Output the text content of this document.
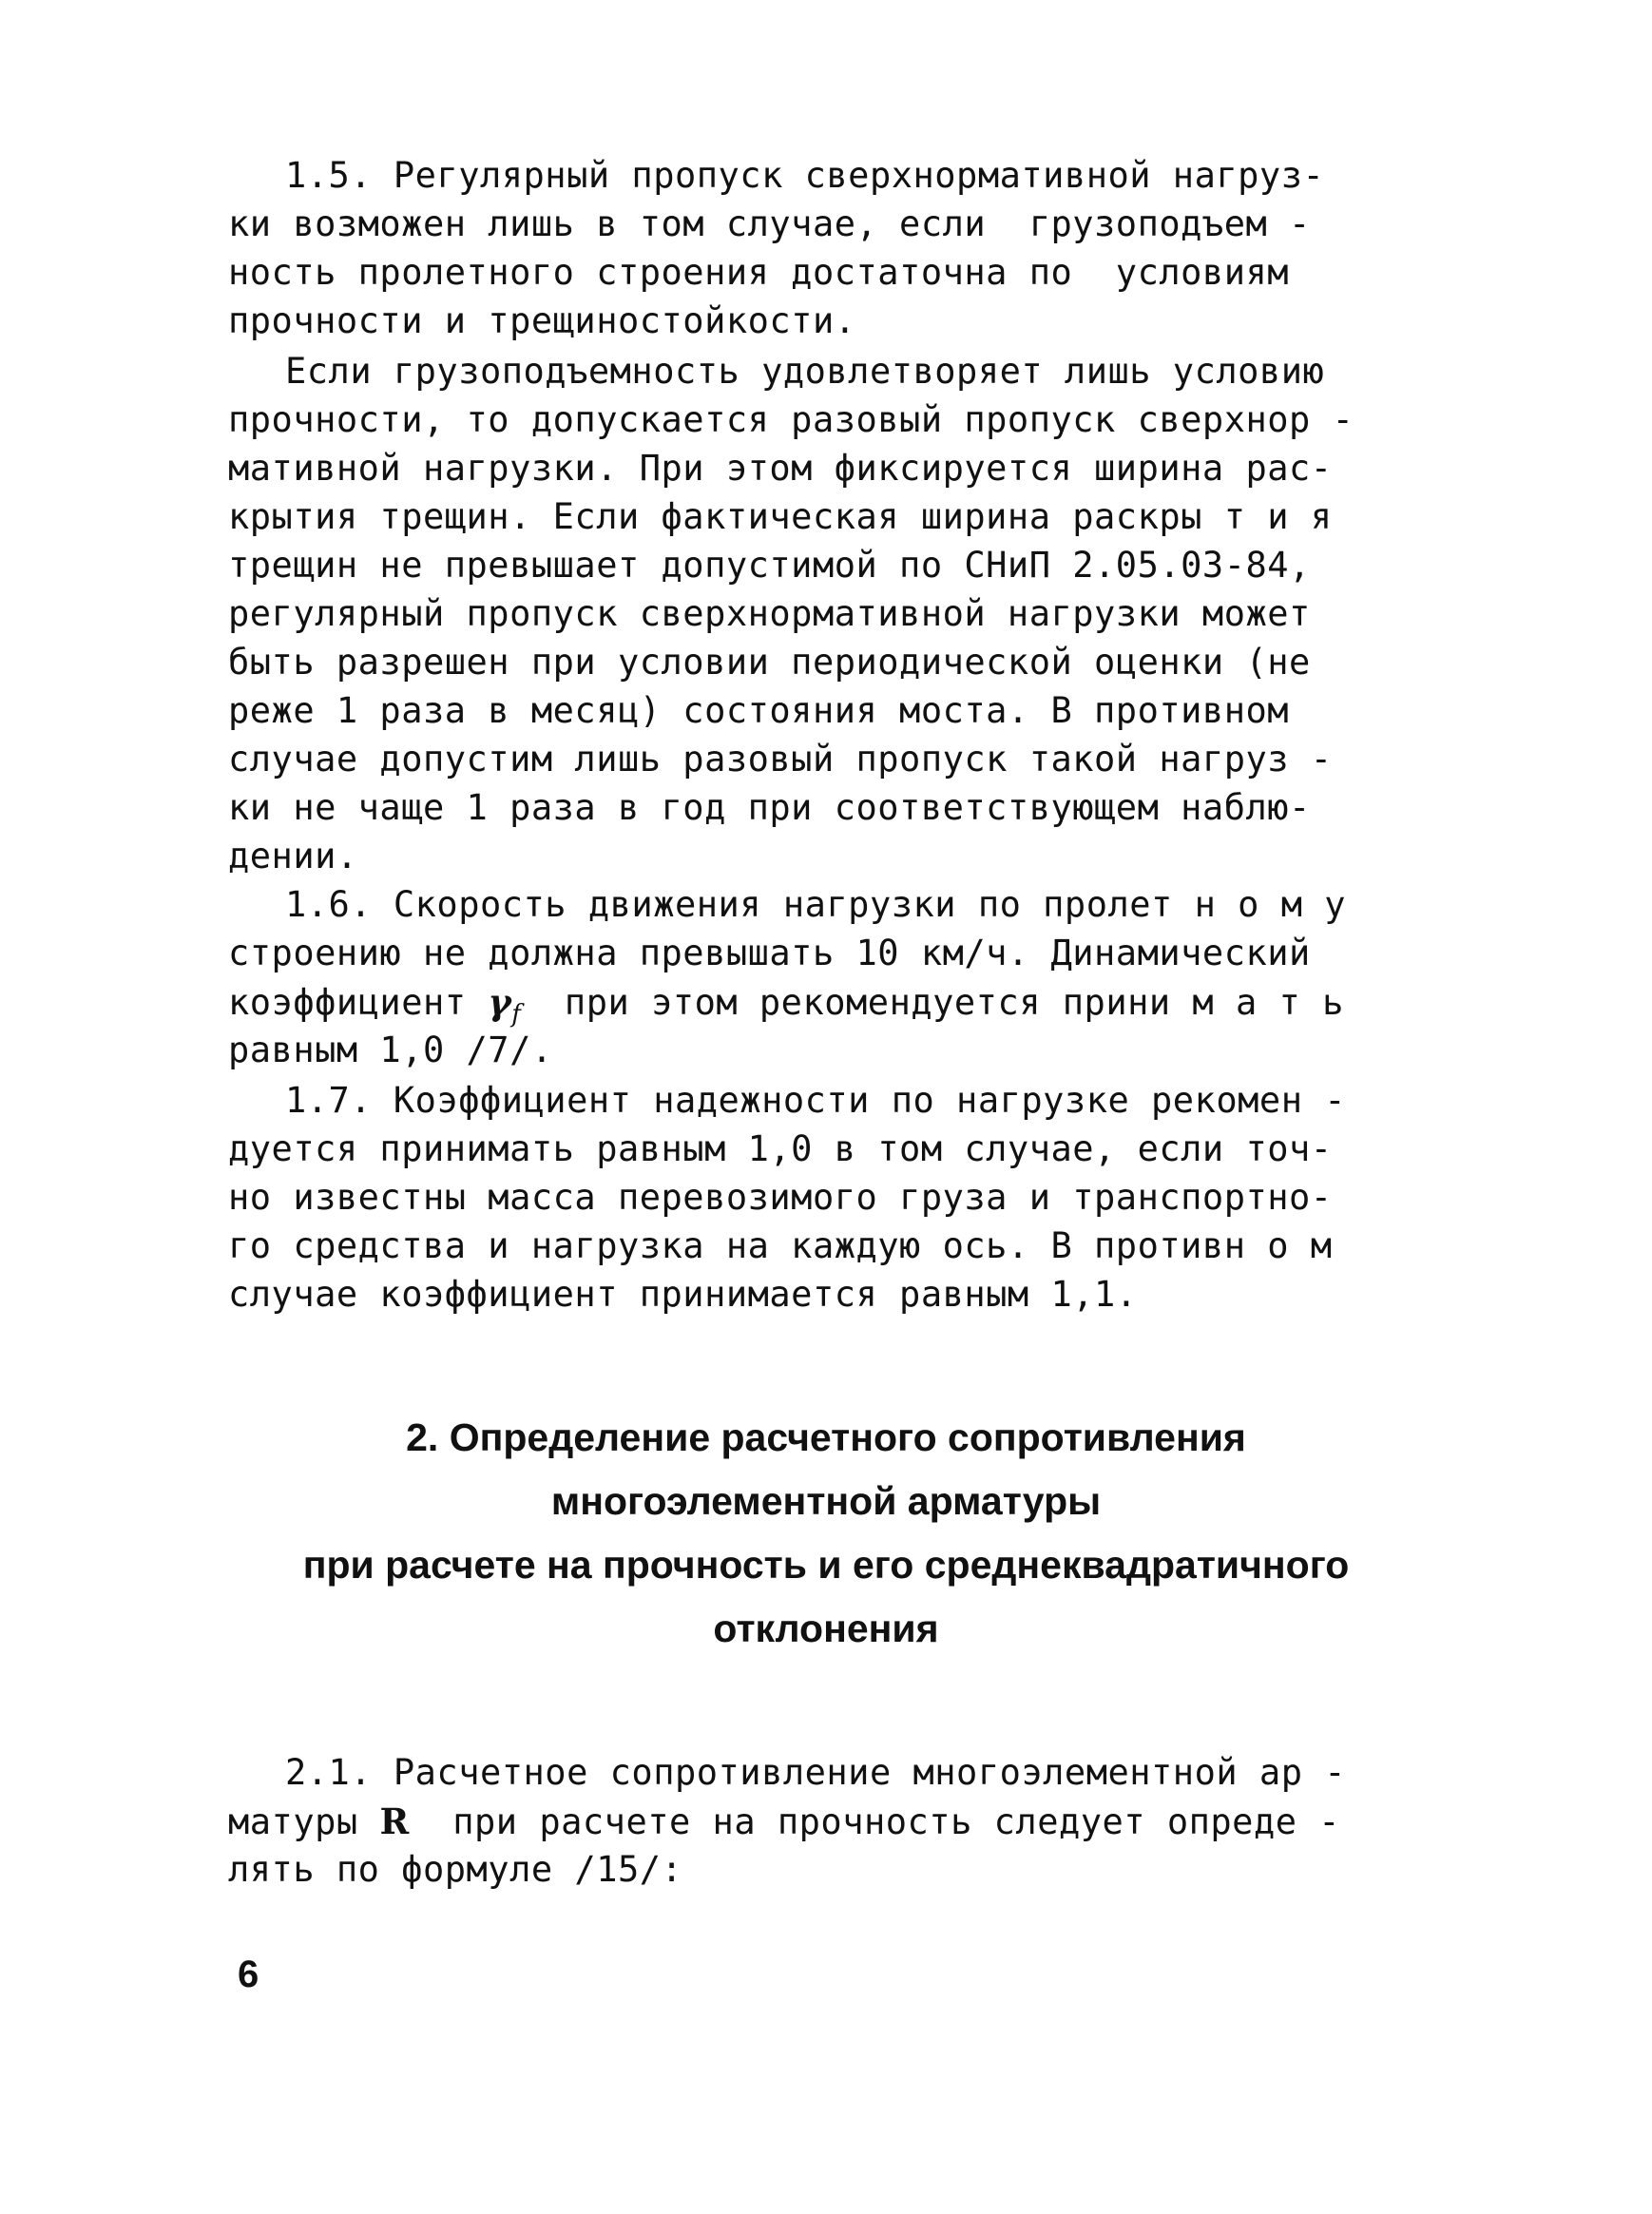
1.5. Регулярный пропуск сверхнормативной нагруз-
ки возможен лишь в том случае, если  грузоподъем -
ность пролетного строения достаточна по  условиям
прочности и трещиностойкости.
Если грузоподъемность удовлетворяет лишь условию
прочности, то допускается разовый пропуск сверхнор -
мативной нагрузки. При этом фиксируется ширина рас-
крытия трещин. Если фактическая ширина раскры т и я
трещин не превышает допустимой по СНиП 2.05.03-84,
регулярный пропуск сверхнормативной нагрузки может
быть разрешен при условии периодической оценки (не
реже 1 раза в месяц) состояния моста. В противном
случае допустим лишь разовый пропуск такой нагруз -
ки не чаще 1 раза в год при соответствующем наблю-
дении.
1.6. Скорость движения нагрузки по пролет н о м у
строению не должна превышать 10 км/ч. Динамический
коэффициент $\gamma_f$  при этом рекомендуется прини м а т ь
равным 1,0 /7/.
1.7. Коэффициент надежности по нагрузке рекомен -
дуется принимать равным 1,0 в том случае, если точ-
но известны масса перевозимого груза и транспортно-
го средства и нагрузка на каждую ось. В противн о м
случае коэффициент принимается равным 1,1.
2. Определение расчетного сопротивления
многоэлементной арматуры
при расчете на прочность и его среднеквадратичного
отклонения
2.1. Расчетное сопротивление многоэлементной ар -
матуры R  при расчете на прочность следует опреде -
лять по формуле /15/:
6
